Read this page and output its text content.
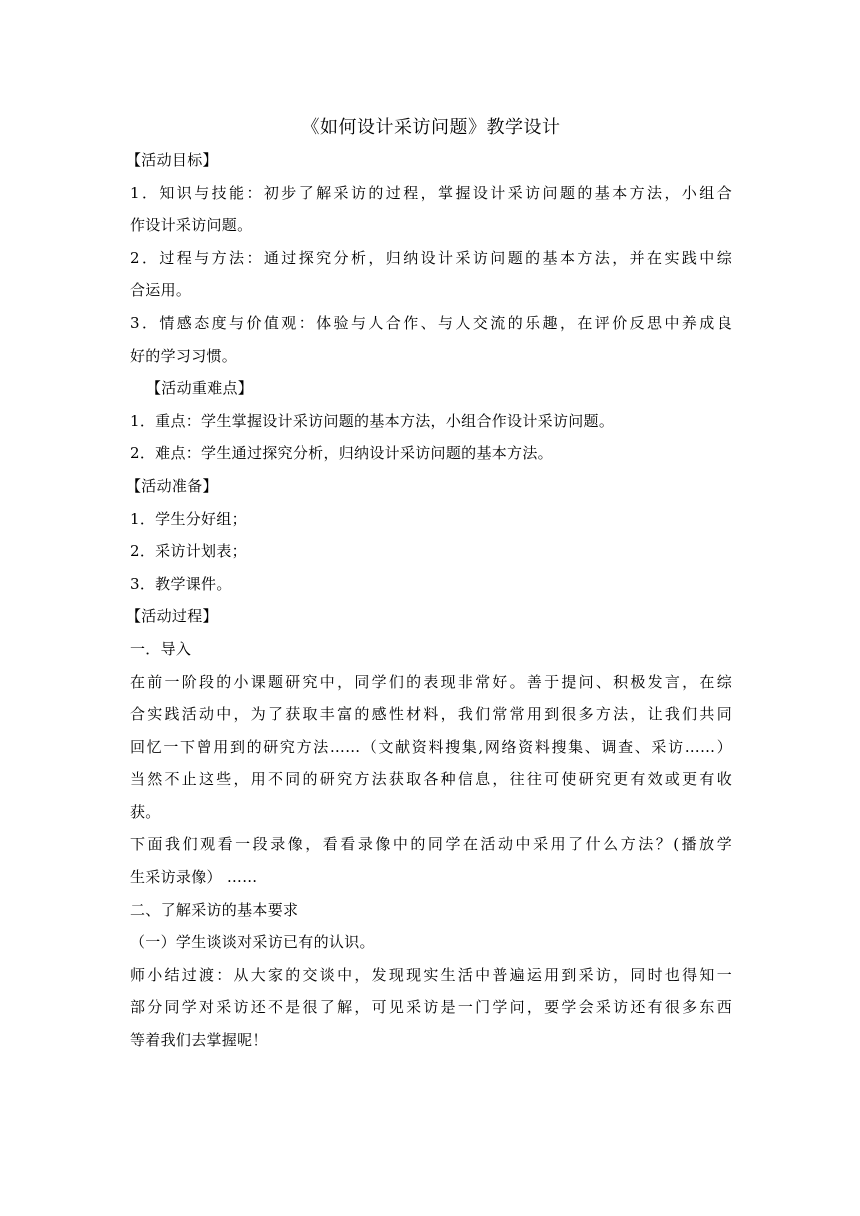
《如何设计采访问题》教学设计
【活动目标】
1．知识与技能：初步了解采访的过程，掌握设计采访问题的基本方法，小组合
作设计采访问题。
2．过程与方法：通过探究分析，归纳设计采访问题的基本方法，并在实践中综
合运用。
3．情感态度与价值观：体验与人合作、与人交流的乐趣，在评价反思中养成良
好的学习习惯。
【活动重难点】
1．重点：学生掌握设计采访问题的基本方法，小组合作设计采访问题。
2．难点：学生通过探究分析，归纳设计采访问题的基本方法。
【活动准备】
1．学生分好组；
2．采访计划表；
3．教学课件。
【活动过程】
一．导入
在前一阶段的小课题研究中，同学们的表现非常好。善于提问、积极发言，在综
合实践活动中，为了获取丰富的感性材料，我们常常用到很多方法，让我们共同
回忆一下曾用到的研究方法……（文献资料搜集,网络资料搜集、调查、采访……）
当然不止这些，用不同的研究方法获取各种信息，往往可使研究更有效或更有收
获。
下面我们观看一段录像，看看录像中的同学在活动中采用了什么方法？(播放学
生采访录像） ……
二、了解采访的基本要求
（一）学生谈谈对采访已有的认识。
师小结过渡：从大家的交谈中，发现现实生活中普遍运用到采访，同时也得知一
部分同学对采访还不是很了解，可见采访是一门学问，要学会采访还有很多东西
等着我们去掌握呢！
